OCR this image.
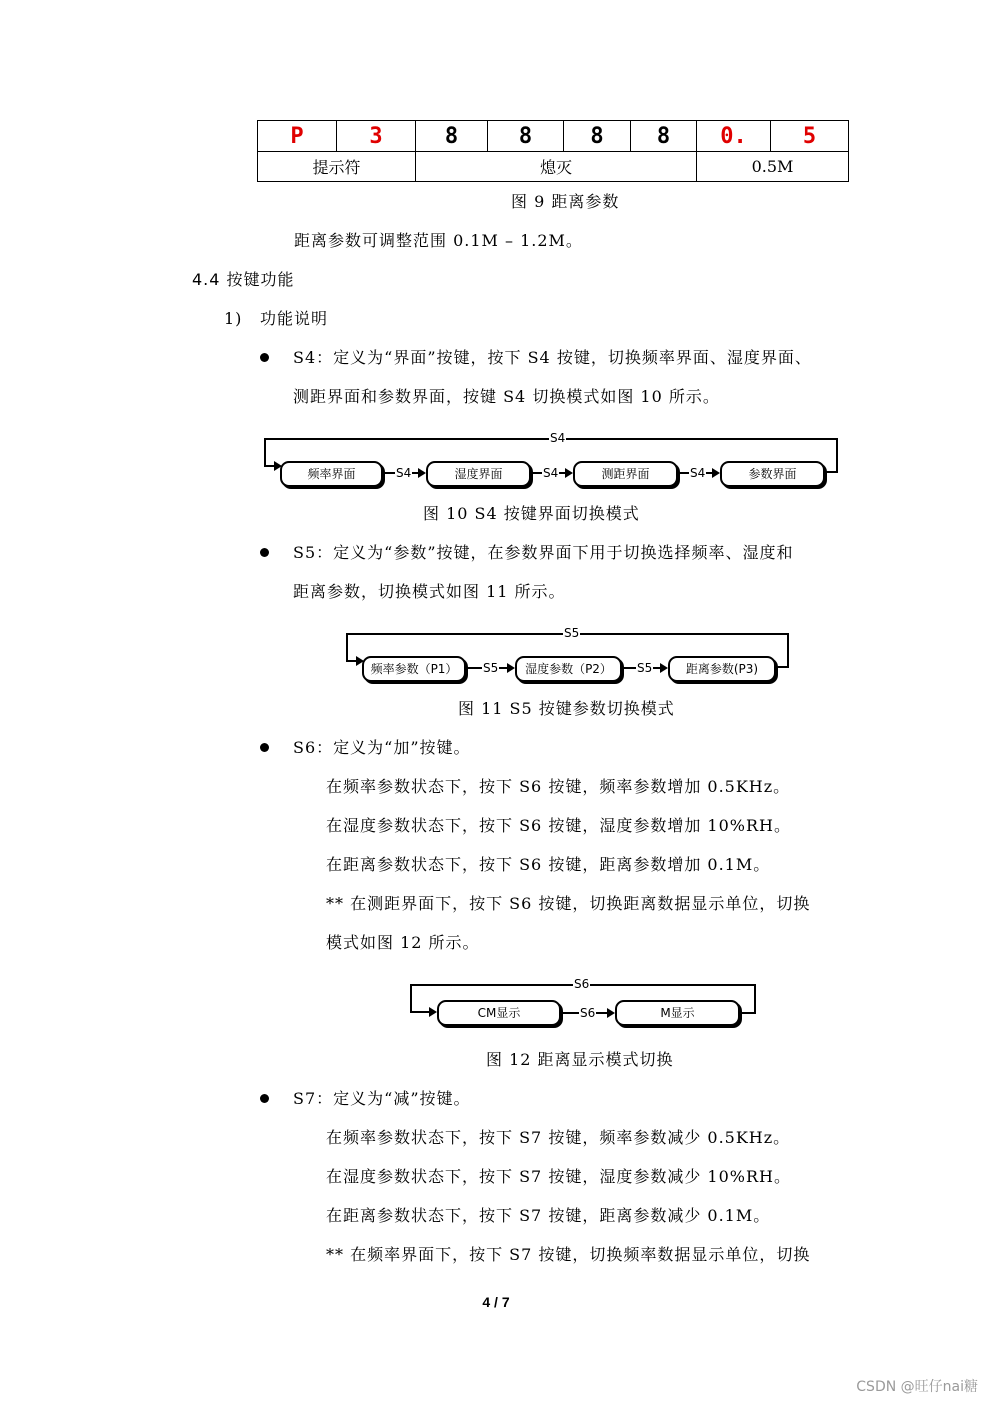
P	3	8	8	8	8	0.	5
提示符		熄灭				0.5M	
图 9 距离参数
距离参数可调整范围 0.1M – 1.2M。
4.4 按键功能
1) 功能说明
S4：定义为“界面”按键，按下 S4 按键，切换频率界面、湿度界面、
测距界面和参数界面，按键 S4 切换模式如图 10 所示。
S4
频率界面	湿度界面	测距界面	参数界面
S4	S4	S4
图 10 S4 按键界面切换模式
S5：定义为“参数”按键，在参数界面下用于切换选择频率、湿度和
距离参数，切换模式如图 11 所示。
S5
频率参数（P1）	湿度参数（P2）	距离参数(P3)
S5	S5
图 11 S5 按键参数切换模式
S6：定义为“加”按键。
在频率参数状态下，按下 S6 按键，频率参数增加 0.5KHz。
在湿度参数状态下，按下 S6 按键，湿度参数增加 10%RH。
在距离参数状态下，按下 S6 按键，距离参数增加 0.1M。
** 在测距界面下，按下 S6 按键，切换距离数据显示单位，切换
模式如图 12 所示。
S6
CM显示	M显示
S6
图 12 距离显示模式切换
S7：定义为“减”按键。
在频率参数状态下，按下 S7 按键，频率参数减少 0.5KHz。
在湿度参数状态下，按下 S7 按键，湿度参数减少 10%RH。
在距离参数状态下，按下 S7 按键，距离参数减少 0.1M。
** 在频率界面下，按下 S7 按键，切换频率数据显示单位，切换
4 / 7
CSDN @旺仔nai糖
